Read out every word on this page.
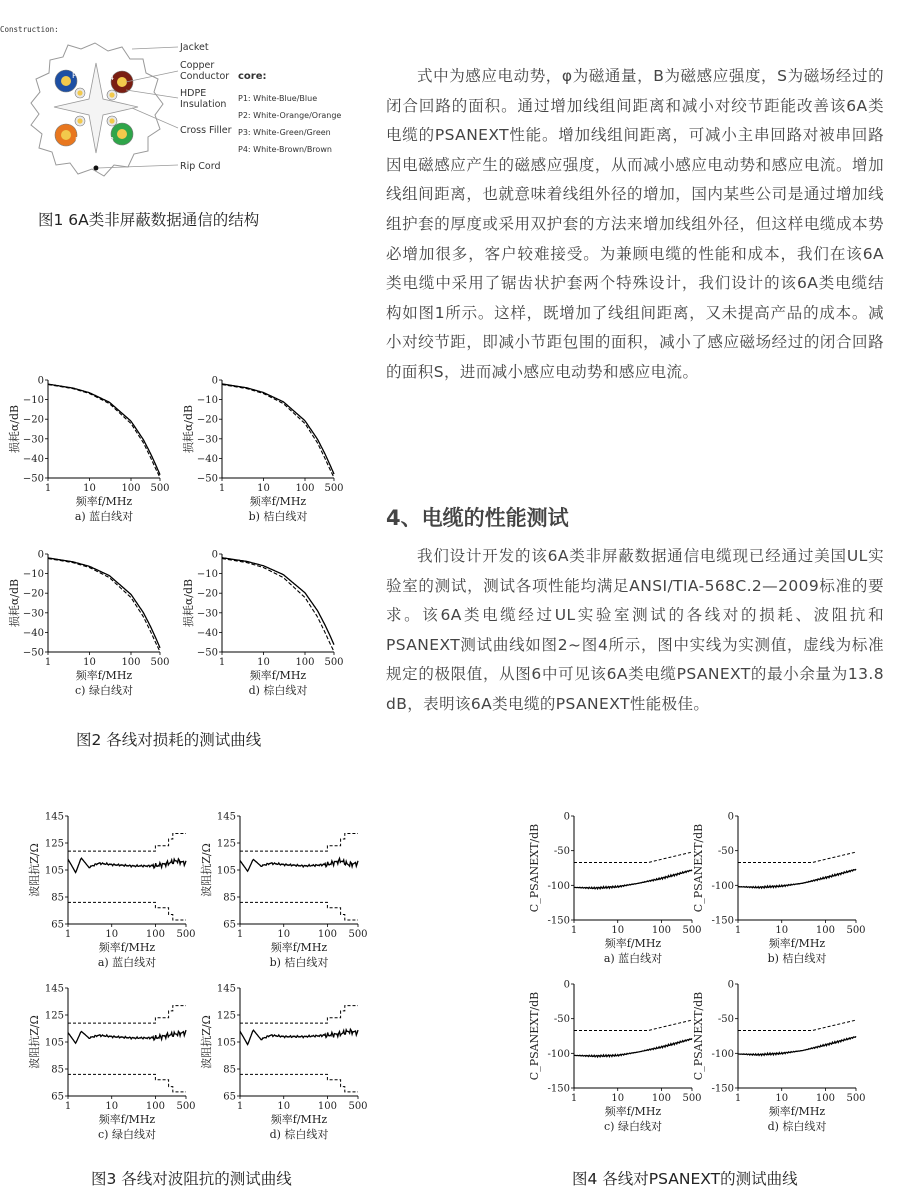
Construction:
P1	P4
P2 P3
Jacket
Copper
Conductor
HDPE
Insulation
Cross Filler
Rip Cord
core:
P1: White-Blue/Blue
P2: White-Orange/Orange
P3: White-Green/Green
P4: White-Brown/Brown
图1 6A类非屏蔽数据通信的结构

式中为感应电动势，φ为磁通量，B为磁感应强度，S为磁场经过的闭合回路的面积。通过增加线组间距离和减小对绞节距能改善该6A类电缆的PSANEXT性能。增加线组间距离，可减小主串回路对被串回路因电磁感应产生的磁感应强度，从而减小感应电动势和感应电流。增加线组间距离，也就意味着线组外径的增加，国内某些公司是通过增加线组护套的厚度或采用双护套的方法来增加线组外径，但这样电缆成本势必增加很多，客户较难接受。为兼顾电缆的性能和成本，我们在该6A类电缆中采用了锯齿状护套两个特殊设计，我们设计的该6A类电缆结构如图1所示。这样，既增加了线组间距离，又未提高产品的成本。减小对绞节距，即减小节距包围的面积，减小了感应磁场经过的闭合回路的面积S，进而减小感应电动势和感应电流。

4、电缆的性能测试

我们设计开发的该6A类非屏蔽数据通信电缆现已经通过美国UL实验室的测试，测试各项性能均满足ANSI/TIA-568C.2—2009标准的要求。该6A类电缆经过UL实验室测试的各线对的损耗、波阻抗和PSANEXT测试曲线如图2~图4所示，图中实线为实测值，虚线为标准规定的极限值，从图6中可见该6A类电缆PSANEXT的最小余量为13.8 dB，表明该6A类电缆的PSANEXT性能极佳。

0
−10
−20
−30
−40
−50
1	10	100 500
频率f/MHz
损耗α/dB
a) 蓝白线对
0
−10
−20
−30
−40
−50
1	10	100 500
频率f/MHz
损耗α/dB
b) 桔白线对
0
−10
−20
−30
−40
−50
1	10	100 500
频率f/MHz
损耗α/dB
c) 绿白线对
0
−10
−20
−30
−40
−50
1	10	100 500
频率f/MHz
损耗α/dB
d) 棕白线对
图2 各线对损耗的测试曲线
145
125
105
85
65
1	10	100 500
频率f/MHz
波阻抗Z/Ω
a) 蓝白线对
145
125
105
85
65
1	10	100 500
频率f/MHz
波阻抗Z/Ω
b) 桔白线对
145
125
105
85
65
1	10	100 500
频率f/MHz
波阻抗Z/Ω
c) 绿白线对
145
125
105
85
65
1	10	100 500
频率f/MHz
波阻抗Z/Ω
d) 棕白线对
图3 各线对波阻抗的测试曲线
0
-50
-100
-150
1	10	100 500
频率f/MHz
C_PSANEXT/dB
a) 蓝白线对
0
-50
-100
-150
1	10	100 500
频率f/MHz
C_PSANEXT/dB
b) 桔白线对
0
-50
-100
-150
1	10	100 500
频率f/MHz
C_PSANEXT/dB
c) 绿白线对
0
-50
-100
-150
1	10	100 500
频率f/MHz
C_PSANEXT/dB
d) 棕白线对
图4 各线对PSANEXT的测试曲线
